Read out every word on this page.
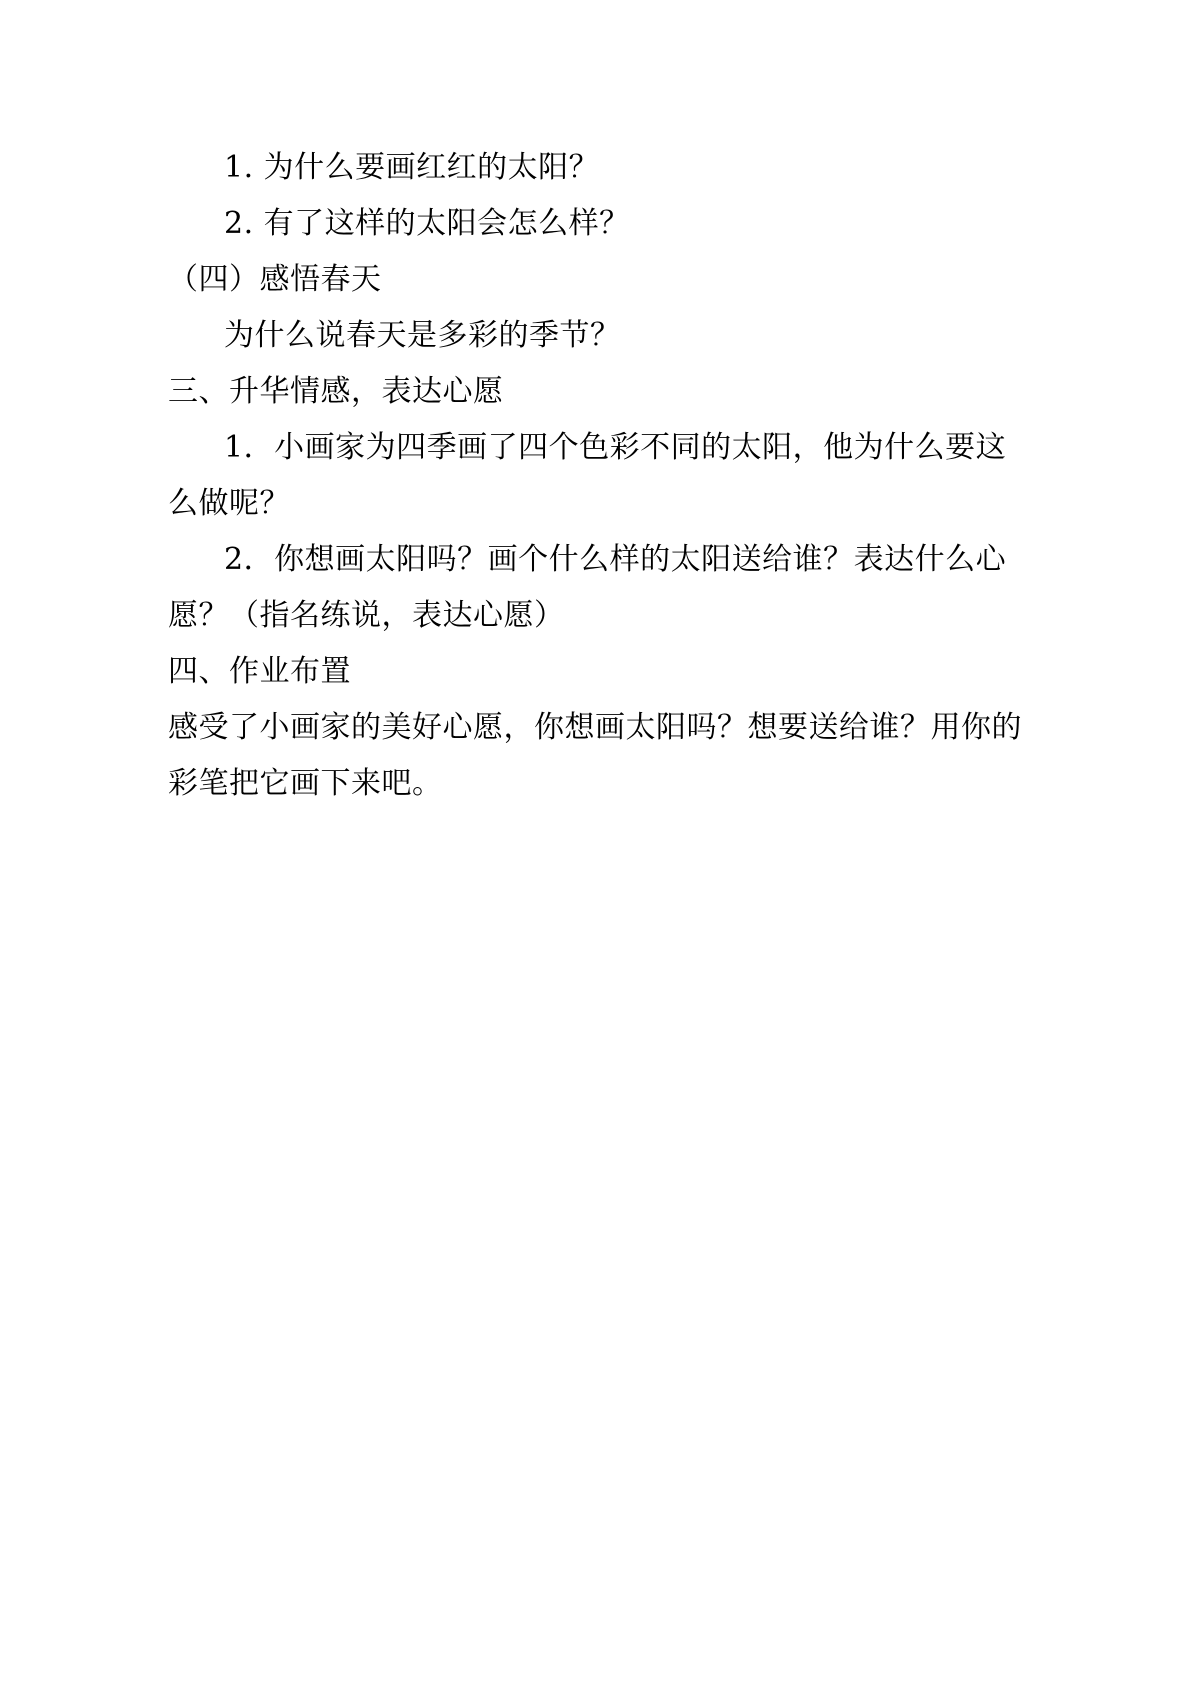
1. 为什么要画红红的太阳？

2. 有了这样的太阳会怎么样？

（四）感悟春天

为什么说春天是多彩的季节？

三、升华情感，表达心愿

1．小画家为四季画了四个色彩不同的太阳，他为什么要这么做呢？

2．你想画太阳吗？画个什么样的太阳送给谁？表达什么心愿？（指名练说，表达心愿）

四、作业布置

感受了小画家的美好心愿，你想画太阳吗？想要送给谁？用你的彩笔把它画下来吧。
